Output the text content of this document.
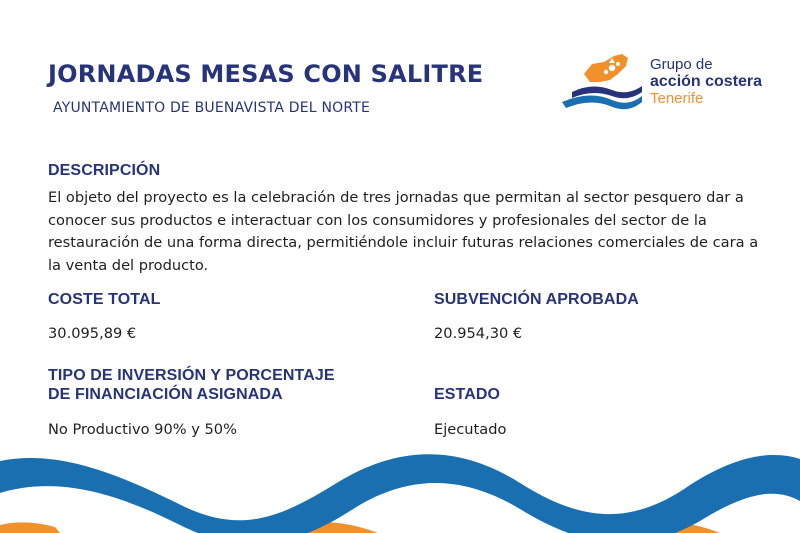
JORNADAS MESAS CON SALITRE
AYUNTAMIENTO DE BUENAVISTA DEL NORTE
Grupo de
acción costera
Tenerife
DESCRIPCIÓN
El objeto del proyecto es la celebración de tres jornadas que permitan al sector pesquero dar a conocer sus productos e interactuar con los consumidores y profesionales del sector de la restauración de una forma directa, permitiéndole incluir futuras relaciones comerciales de cara a la venta del producto.
COSTE TOTAL
30.095,89 €
SUBVENCIÓN APROBADA
20.954,30 €
TIPO DE INVERSIÓN Y PORCENTAJE
DE FINANCIACIÓN ASIGNADA
No Productivo 90% y 50%
ESTADO
Ejecutado
